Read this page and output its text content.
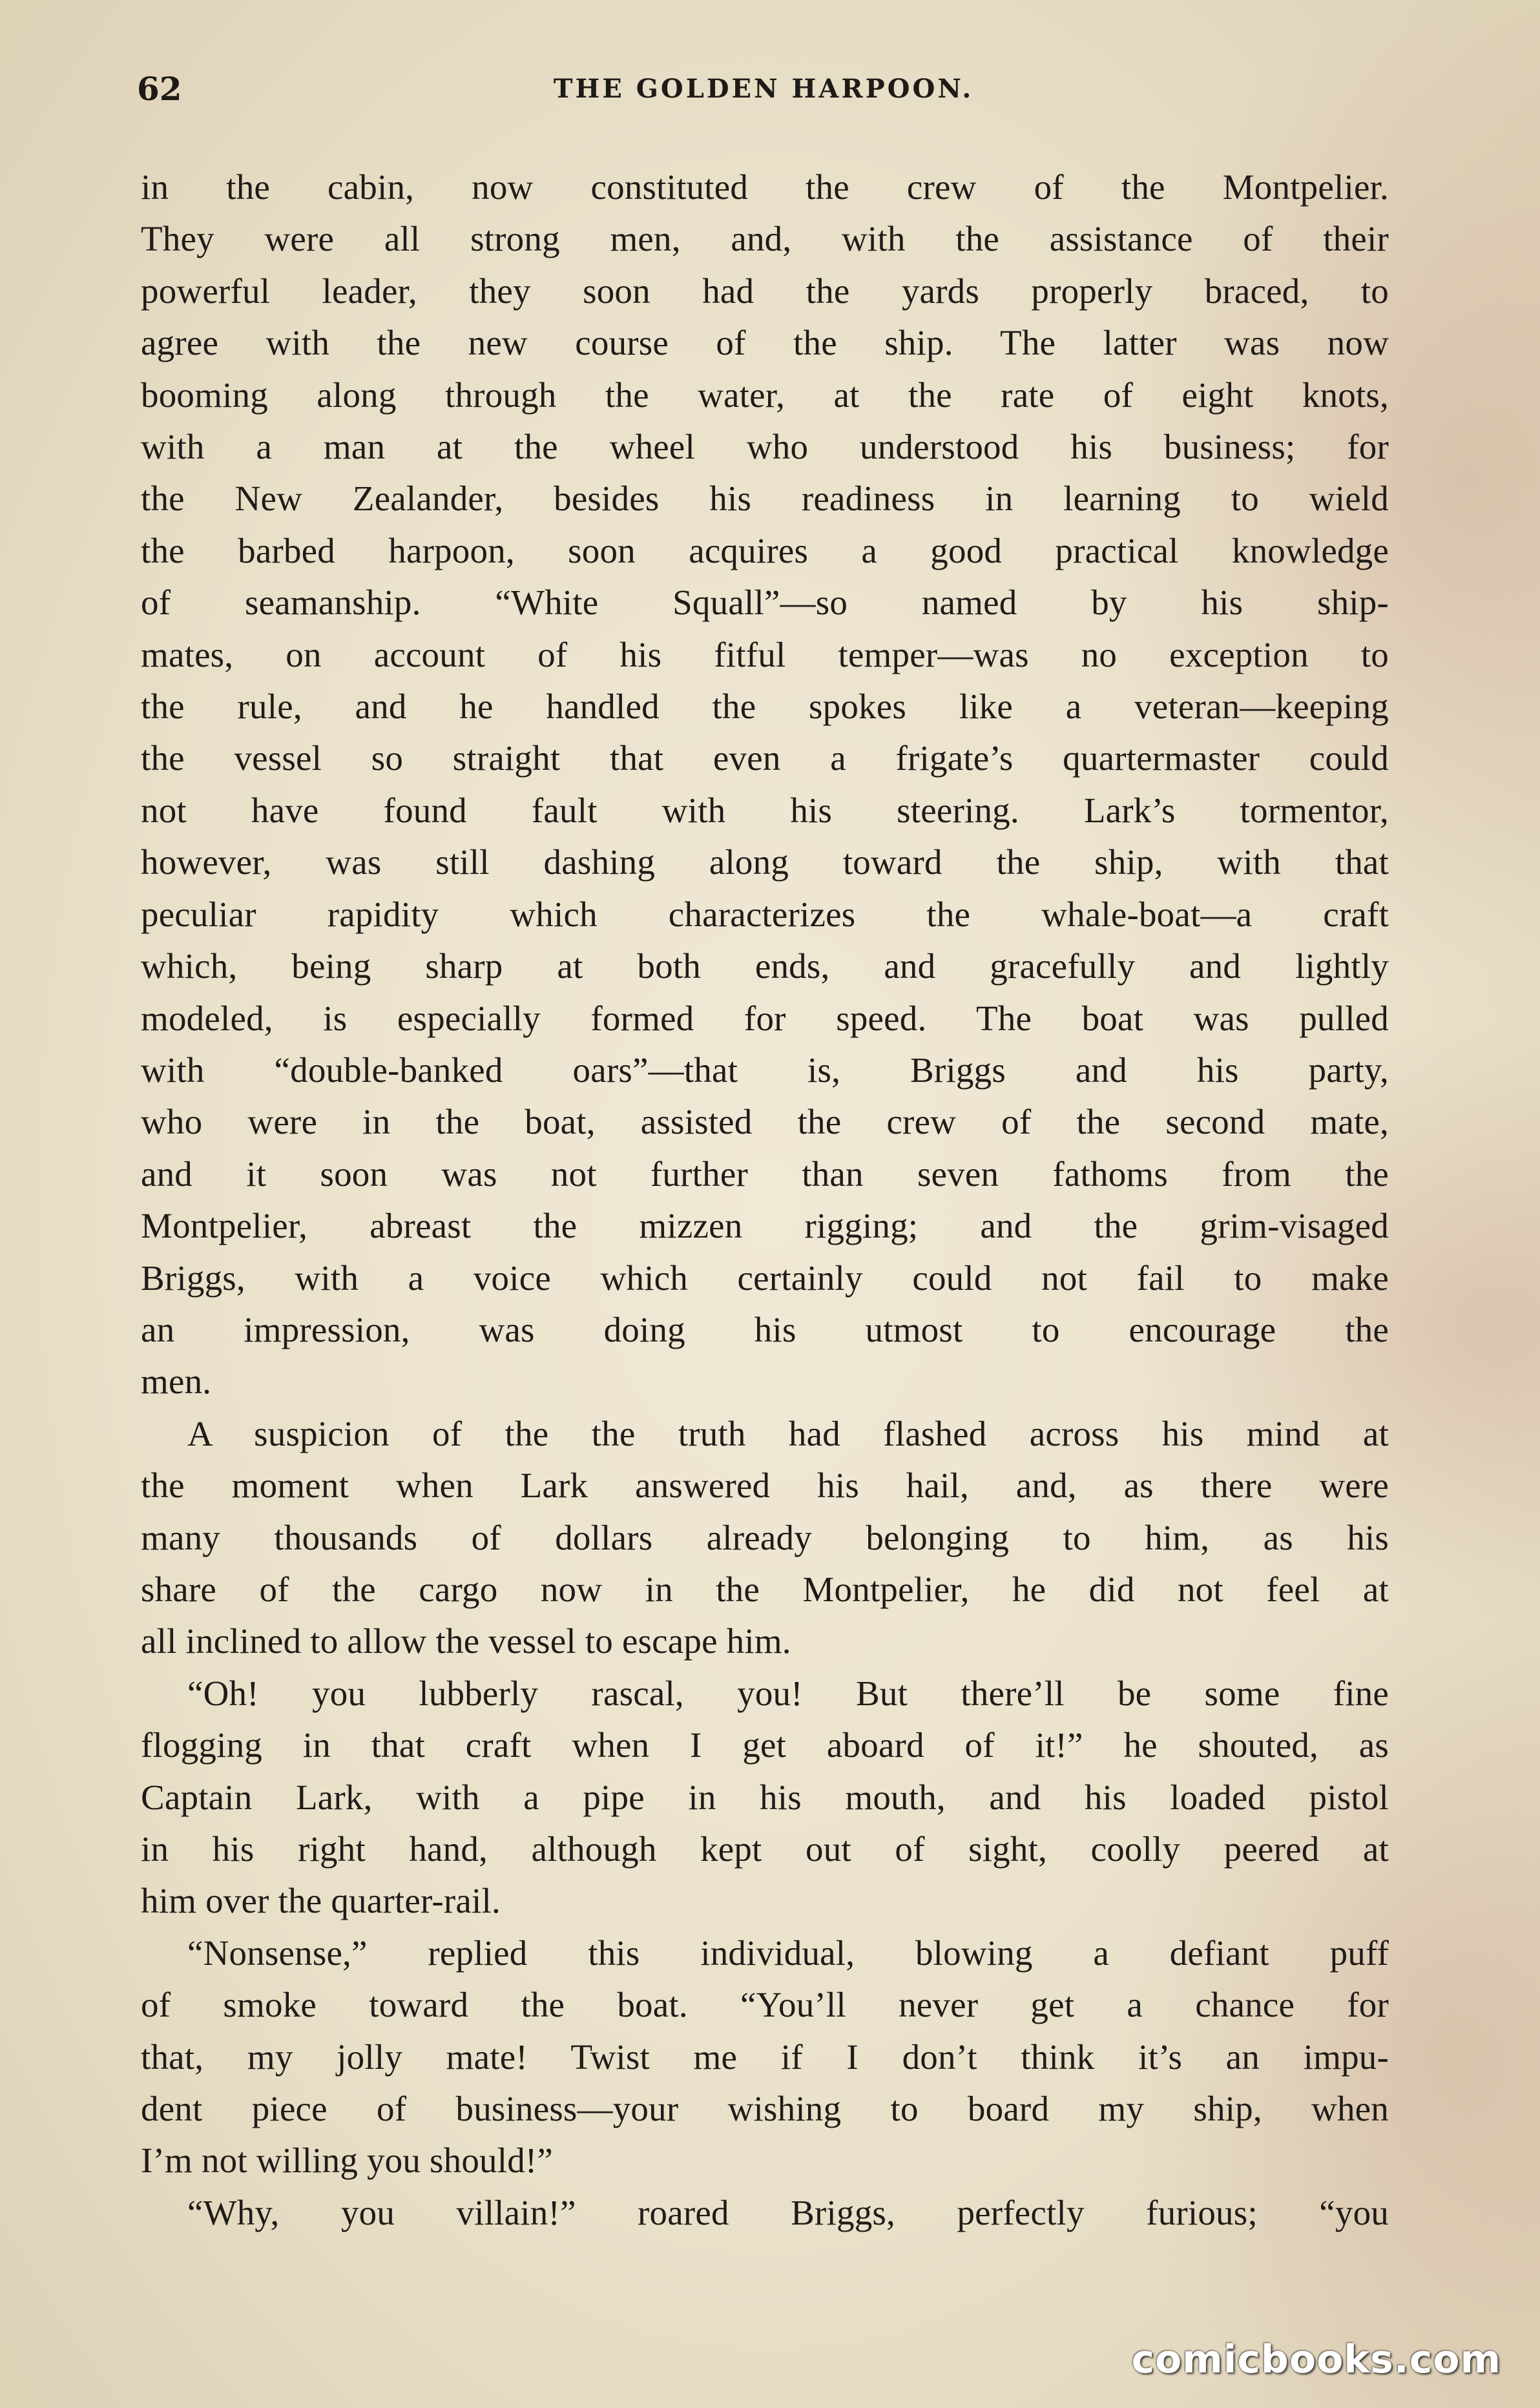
62	THE GOLDEN HARPOON.

in the cabin, now constituted the crew of the Montpelier.

They were all strong men, and, with the assistance of their

powerful leader, they soon had the yards properly braced, to

agree with the new course of the ship. The latter was now

booming along through the water, at the rate of eight knots,

with a man at the wheel who understood his business; for

the New Zealander, besides his readiness in learning to wield

the barbed harpoon, soon acquires a good practical knowledge

of seamanship. “White Squall”—so named by his ship-

mates, on account of his fitful temper—was no exception to

the rule, and he handled the spokes like a veteran—keeping

the vessel so straight that even a frigate’s quartermaster could

not have found fault with his steering. Lark’s tormentor,

however, was still dashing along toward the ship, with that

peculiar rapidity which characterizes the whale-boat—a craft

which, being sharp at both ends, and gracefully and lightly

modeled, is especially formed for speed. The boat was pulled

with “double-banked oars”—that is, Briggs and his party,

who were in the boat, assisted the crew of the second mate,

and it soon was not further than seven fathoms from the

Montpelier, abreast the mizzen rigging; and the grim-visaged

Briggs, with a voice which certainly could not fail to make

an impression, was doing his utmost to encourage the

men.

A suspicion of the the truth had flashed across his mind at

the moment when Lark answered his hail, and, as there were

many thousands of dollars already belonging to him, as his

share of the cargo now in the Montpelier, he did not feel at

all inclined to allow the vessel to escape him.

“Oh! you lubberly rascal, you! But there’ll be some fine

flogging in that craft when I get aboard of it!” he shouted, as

Captain Lark, with a pipe in his mouth, and his loaded pistol

in his right hand, although kept out of sight, coolly peered at

him over the quarter-rail.

“Nonsense,” replied this individual, blowing a defiant puff

of smoke toward the boat. “You’ll never get a chance for

that, my jolly mate! Twist me if I don’t think it’s an impu-

dent piece of business—your wishing to board my ship, when

I’m not willing you should!”

“Why, you villain!” roared Briggs, perfectly furious; “you

comicbooks.com
